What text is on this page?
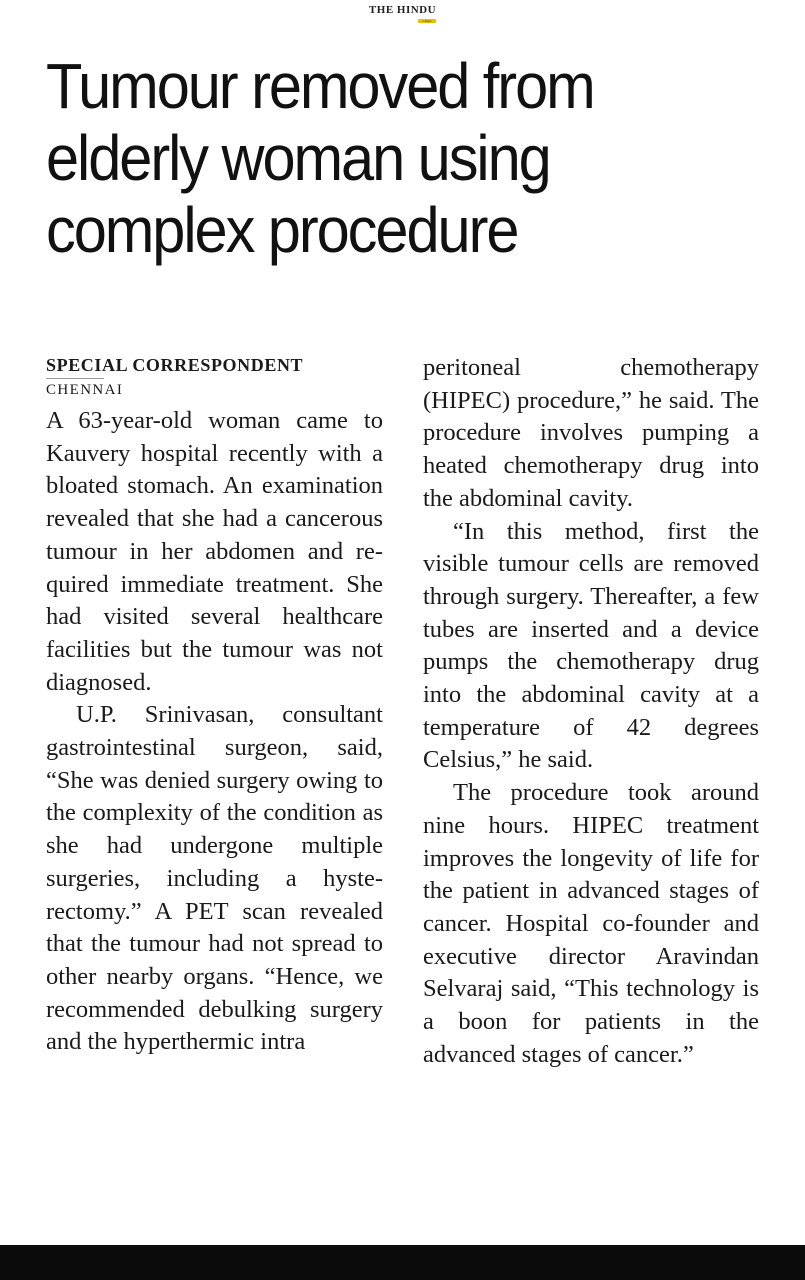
THE HINDU
e-Paper
Tumour removed from elderly woman using complex procedure

SPECIAL CORRESPONDENT

CHENNAI

A 63-year-old woman came to Kauvery hospital recently with a bloated stomach. An examination revealed that she had a cancerous tumour in her abdomen and required immediate treatment. She had visited several healthcare facilities but the tumour was not diagnosed.

U.P. Srinivasan, consultant gastrointestinal surgeon, said, “She was denied surgery owing to the complexity of the condition as she had undergone multiple surgeries, including a hysterectomy.” A PET scan revealed that the tumour had not spread to other nearby organs. “Hence, we recommended debulking surgery and the hyperthermic intra

peritoneal chemotherapy (HIPEC) procedure,” he said. The procedure involves pumping a heated chemotherapy drug into the abdominal cavity.

“In this method, first the visible tumour cells are removed through surgery. Thereafter, a few tubes are inserted and a device pumps the chemotherapy drug into the abdominal cavity at a temperature of 42 degrees Celsius,” he said.

The procedure took around nine hours. HIPEC treatment improves the longevity of life for the patient in advanced stages of cancer. Hospital co-founder and executive director Aravindan Selvaraj said, “This technology is a boon for patients in the advanced stages of cancer.”
